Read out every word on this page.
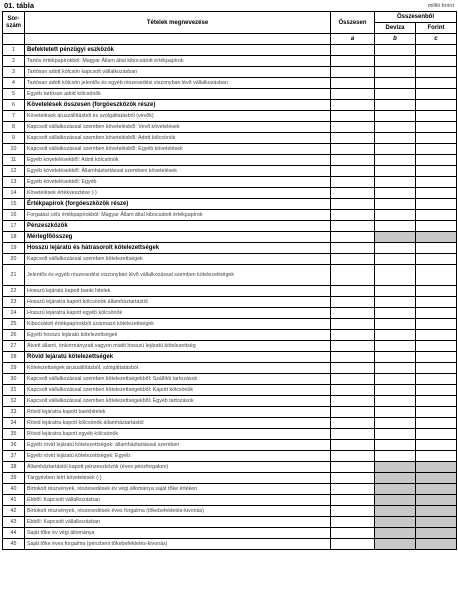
01. tábla	millió forint
Sor-szám	Tételek megnevezése	Összesen	Összesenből	
			Deviza	Forint
		a	b	c
1	Befektetett pénzügyi eszközök			
2	Tartós értékpapírokból: Magyar Állam által kibocsátott értékpapírok			
3	Tartósan adott kölcsön kapcsolt vállalkozásban			
4	Tartósan adott kölcsön jelentős és egyéb részesedési viszonyban lévő vállalkozásban			
5	Egyéb tartósan adott kölcsönök			
6	Követelések összesen (forgóeszközök része)			
7	Követelések áruszállításból és szolgáltatásból (vevők)			
8	Kapcsolt vállalkozással szemben követelésből: Vevő követelések			
9	Kapcsolt vállalkozással szemben követelésből: Adott kölcsönök			
10	Kapcsolt vállalkozással szemben követelésből: Egyéb követelések			
11	Egyéb követelésekből: Adott kölcsönök			
12	Egyéb követelésekből: Államháztartással szembeni követelések			
13	Egyéb követelésekből: Egyéb			
14	Követelések értékvesztése (-)			
15	Értékpapírok (forgóeszközök része)			
16	Forgatási célú értékpapírokból: Magyar Állam által kibocsátott értékpapírok			
17	Pénzeszközök			
18	Mérlegfőösszeg			
19	Hosszú lejáratú és hátrasorolt kötelezettségek			
20	Kapcsolt vállalkozással szemben kötelezettségek			
21	Jelentős és egyéb részesedési viszonyban lévő vállalkozással szemben kötelezettségek			
22	Hosszú lejáratú kapott banki hitelek			
23	Hosszú lejáratra kapott kölcsönök államháztartástól			
24	Hosszú lejáratra kapott egyéb kölcsönök			
25	Kibocsátott értékpapírokból származó kötelezettségek			
26	Egyéb hosszú lejáratú kötelezettségek			
27	Átvett állami, önkormányzati vagyon miatti hosszú lejáratú kötelezettség			
28	Rövid lejáratú kötelezettségek			
29	Kötelezettségek áruszállításból, szolgáltatásból			
30	Kapcsolt vállalkozással szemben kötelezettségekből: Szállítói tartozások			
31	Kapcsolt vállalkozással szemben kötelezettségekből: Kapott kölcsönök			
32	Kapcsolt vállalkozással szemben kötelezettségekből: Egyéb tartozások			
33	Rövid lejáratra kapott bankhitelek			
34	Rövid lejáratra kapott kölcsönök államháztartástól			
35	Rövid lejáratra kapott egyéb kölcsönök			
36	Egyéb rövid lejáratú kötelezettségek: államháztartással szemben			
37	Egyéb rövid lejáratú kötelezettségek: Egyéb			
38	Államháztartástól kapott pénzeszközök (éves pénzforgalom)			
39	Tárgyévben leírt követelések (-)			
40	Birtokolt részvények, részesedések év végi állománya saját tőke értéken			
41	Ebből: Kapcsolt vállalkozásban			
42	Birtokolt részvények, részesedések éves forgalma (tőkebefektetés-kivonás)			
43	Ebből: Kapcsolt vállalkozásban			
44	Saját tőke év végi állománya			
45	Saját tőke éves forgalma (pénzbeni tőkebefektetés-kivonás)			
